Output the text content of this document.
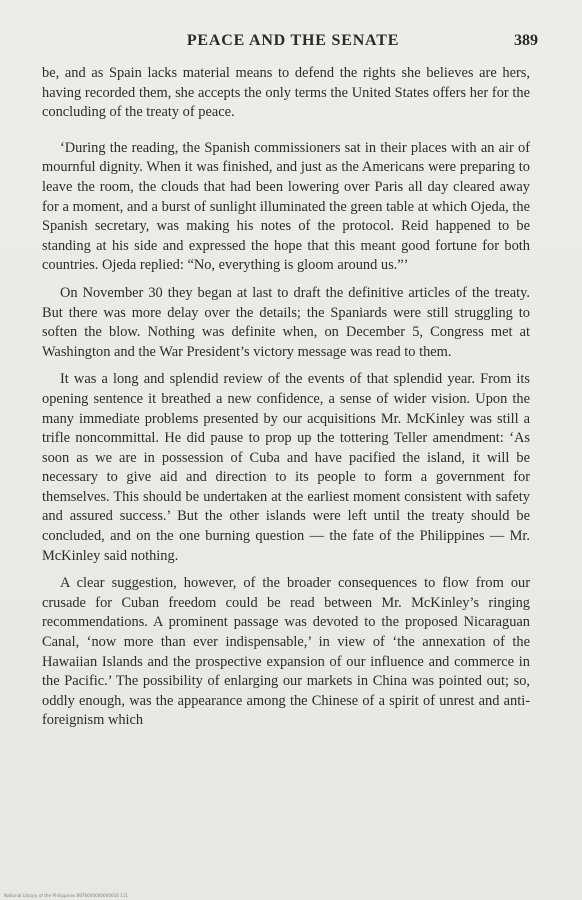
PEACE AND THE SENATE	389

be, and as Spain lacks material means to defend the rights she believes are hers, having recorded them, she accepts the only terms the United States offers her for the concluding of the treaty of peace.

‘During the reading, the Spanish commissioners sat in their places with an air of mournful dignity. When it was finished, and just as the Americans were preparing to leave the room, the clouds that had been lowering over Paris all day cleared away for a moment, and a burst of sunlight illuminated the green table at which Ojeda, the Spanish secretary, was making his notes of the protocol. Reid happened to be standing at his side and expressed the hope that this meant good fortune for both countries. Ojeda replied: “No, everything is gloom around us.”’

On November 30 they began at last to draft the definitive articles of the treaty. But there was more delay over the details; the Spaniards were still struggling to soften the blow. Nothing was definite when, on December 5, Congress met at Washington and the War President’s victory message was read to them.

It was a long and splendid review of the events of that splendid year. From its opening sentence it breathed a new confidence, a sense of wider vision. Upon the many immediate problems presented by our acquisitions Mr. McKinley was still a trifle noncommittal. He did pause to prop up the tottering Teller amendment: ‘As soon as we are in possession of Cuba and have pacified the island, it will be necessary to give aid and direction to its people to form a government for themselves. This should be undertaken at the earliest moment consistent with safety and assured success.’ But the other islands were left until the treaty should be concluded, and on the one burning question — the fate of the Philippines — Mr. McKinley said nothing.

A clear suggestion, however, of the broader consequences to flow from our crusade for Cuban freedom could be read between Mr. McKinley’s ringing recommendations. A prominent passage was devoted to the proposed Nicaraguan Canal, ‘now more than ever indispensable,’ in view of ‘the annexation of the Hawaiian Islands and the prospective expansion of our influence and commerce in the Pacific.’ The possibility of enlarging our markets in China was pointed out; so, oddly enough, was the appearance among the Chinese of a spirit of unrest and anti-foreignism which

National Library of the Philippines 8976000000000016 111
